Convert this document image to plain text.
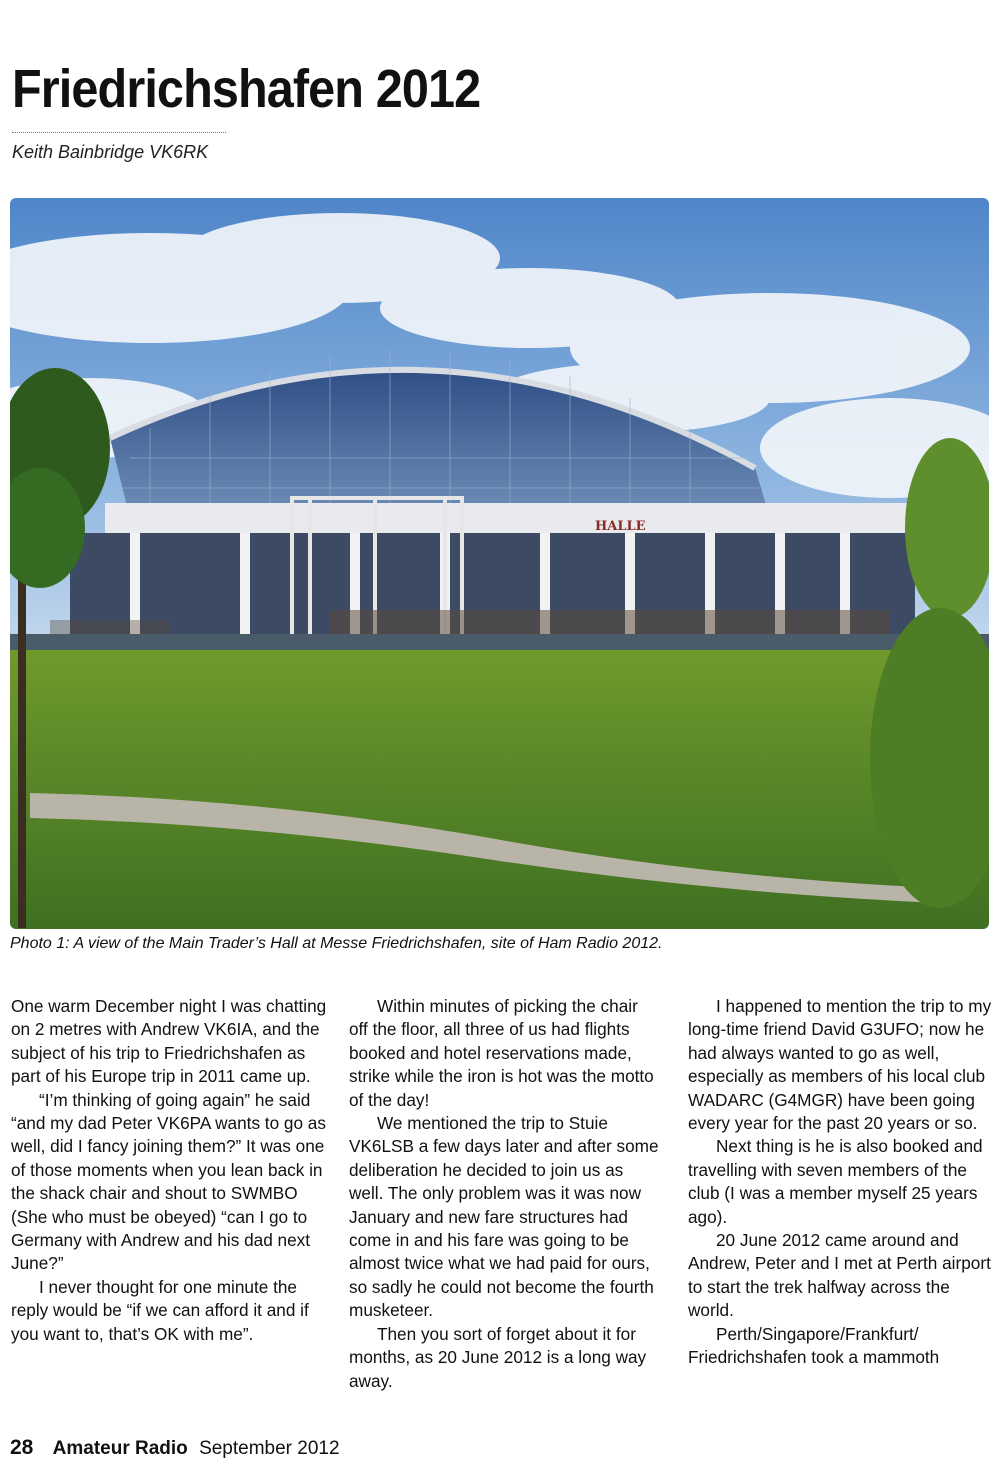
Friedrichshafen 2012
Keith Bainbridge VK6RK
HALLE
Photo 1: A view of the Main Trader’s Hall at Messe Friedrichshafen, site of Ham Radio 2012.

One warm December night I was chatting on 2 metres with Andrew VK6IA, and the subject of his trip to Friedrichshafen as part of his Europe trip in 2011 came up.

“I’m thinking of going again” he said “and my dad Peter VK6PA wants to go as well, did I fancy joining them?” It was one of those moments when you lean back in the shack chair and shout to SWMBO (She who must be obeyed) “can I go to Germany with Andrew and his dad next June?”

I never thought for one minute the reply would be “if we can afford it and if you want to, that’s OK with me”.

Within minutes of picking the chair off the floor, all three of us had flights booked and hotel reservations made, strike while the iron is hot was the motto of the day!

We mentioned the trip to Stuie VK6LSB a few days later and after some deliberation he decided to join us as well. The only problem was it was now January and new fare structures had come in and his fare was going to be almost twice what we had paid for ours, so sadly he could not become the fourth musketeer.

Then you sort of forget about it for months, as 20 June 2012 is a long way away.

I happened to mention the trip to my long-time friend David G3UFO; now he had always wanted to go as well, especially as members of his local club WADARC (G4MGR) have been going every year for the past 20 years or so.

Next thing is he is also booked and travelling with seven members of the club (I was a member myself 25 years ago).

20 June 2012 came around and Andrew, Peter and I met at Perth airport to start the trek halfway across the world.

Perth/Singapore/Frankfurt/ Friedrichshafen took a mammoth

28 Amateur Radio September 2012
